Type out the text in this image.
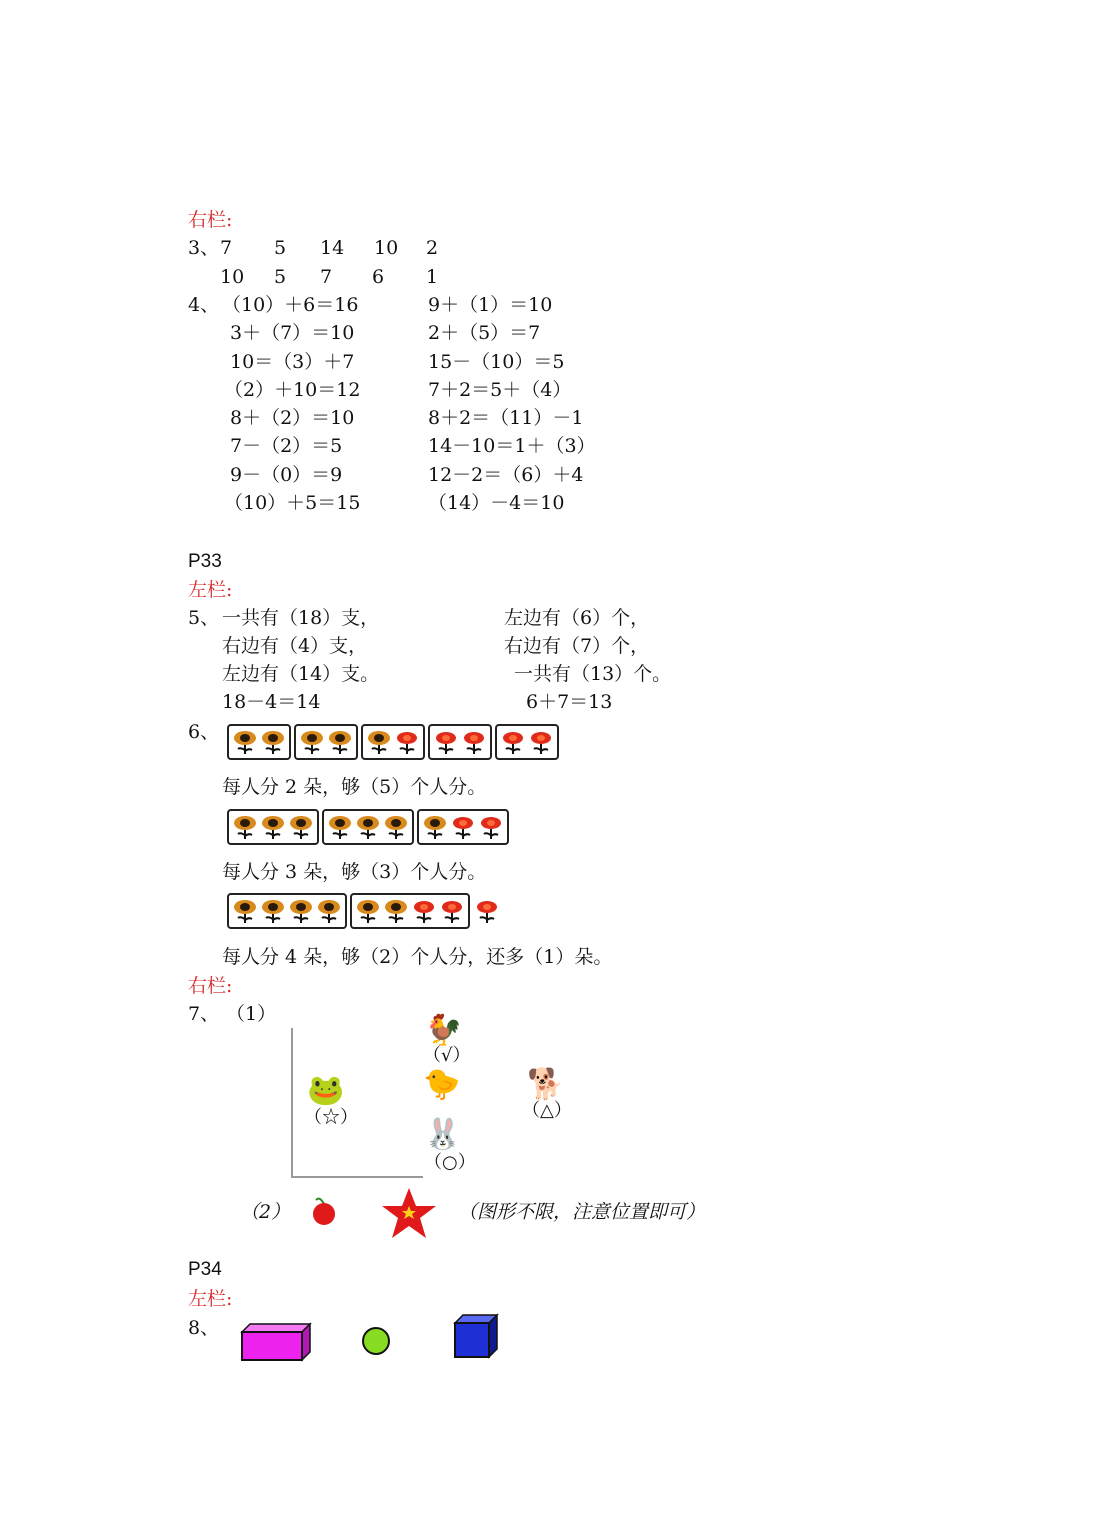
右栏:
3、 7 5 14 10 2
10 5 7 6 1
4、 （10）＋6＝16
3＋（7）＝10
10＝（3）＋7
（2）＋10＝12
8＋（2）＝10
7－（2）＝5
9－（0）＝9
（10）＋5＝15
9＋（1）＝10
2＋（5）＝7
15－（10）＝5
7＋2＝5＋（4）
8＋2＝（11）－1
14－10＝1＋（3）
12－2＝（6）＋4
（14）－4＝10
P33
左栏:
5、 一共有（18）支，
右边有（4）支，
左边有（14）支。
18－4＝14
左边有（6）个，
右边有（7）个，
一共有（13）个。
6＋7＝13
6、
每人分 2 朵，够（5）个人分。
每人分 3 朵，够（3）个人分。
每人分 4 朵，够（2）个人分，还多（1）朵。
右栏:
7、 （1）	🐓
（√）
🐸
（☆）
🐤 🐕
（△）
🐰
（○）
（2）	（图形不限，注意位置即可）
P34
左栏:
8、
